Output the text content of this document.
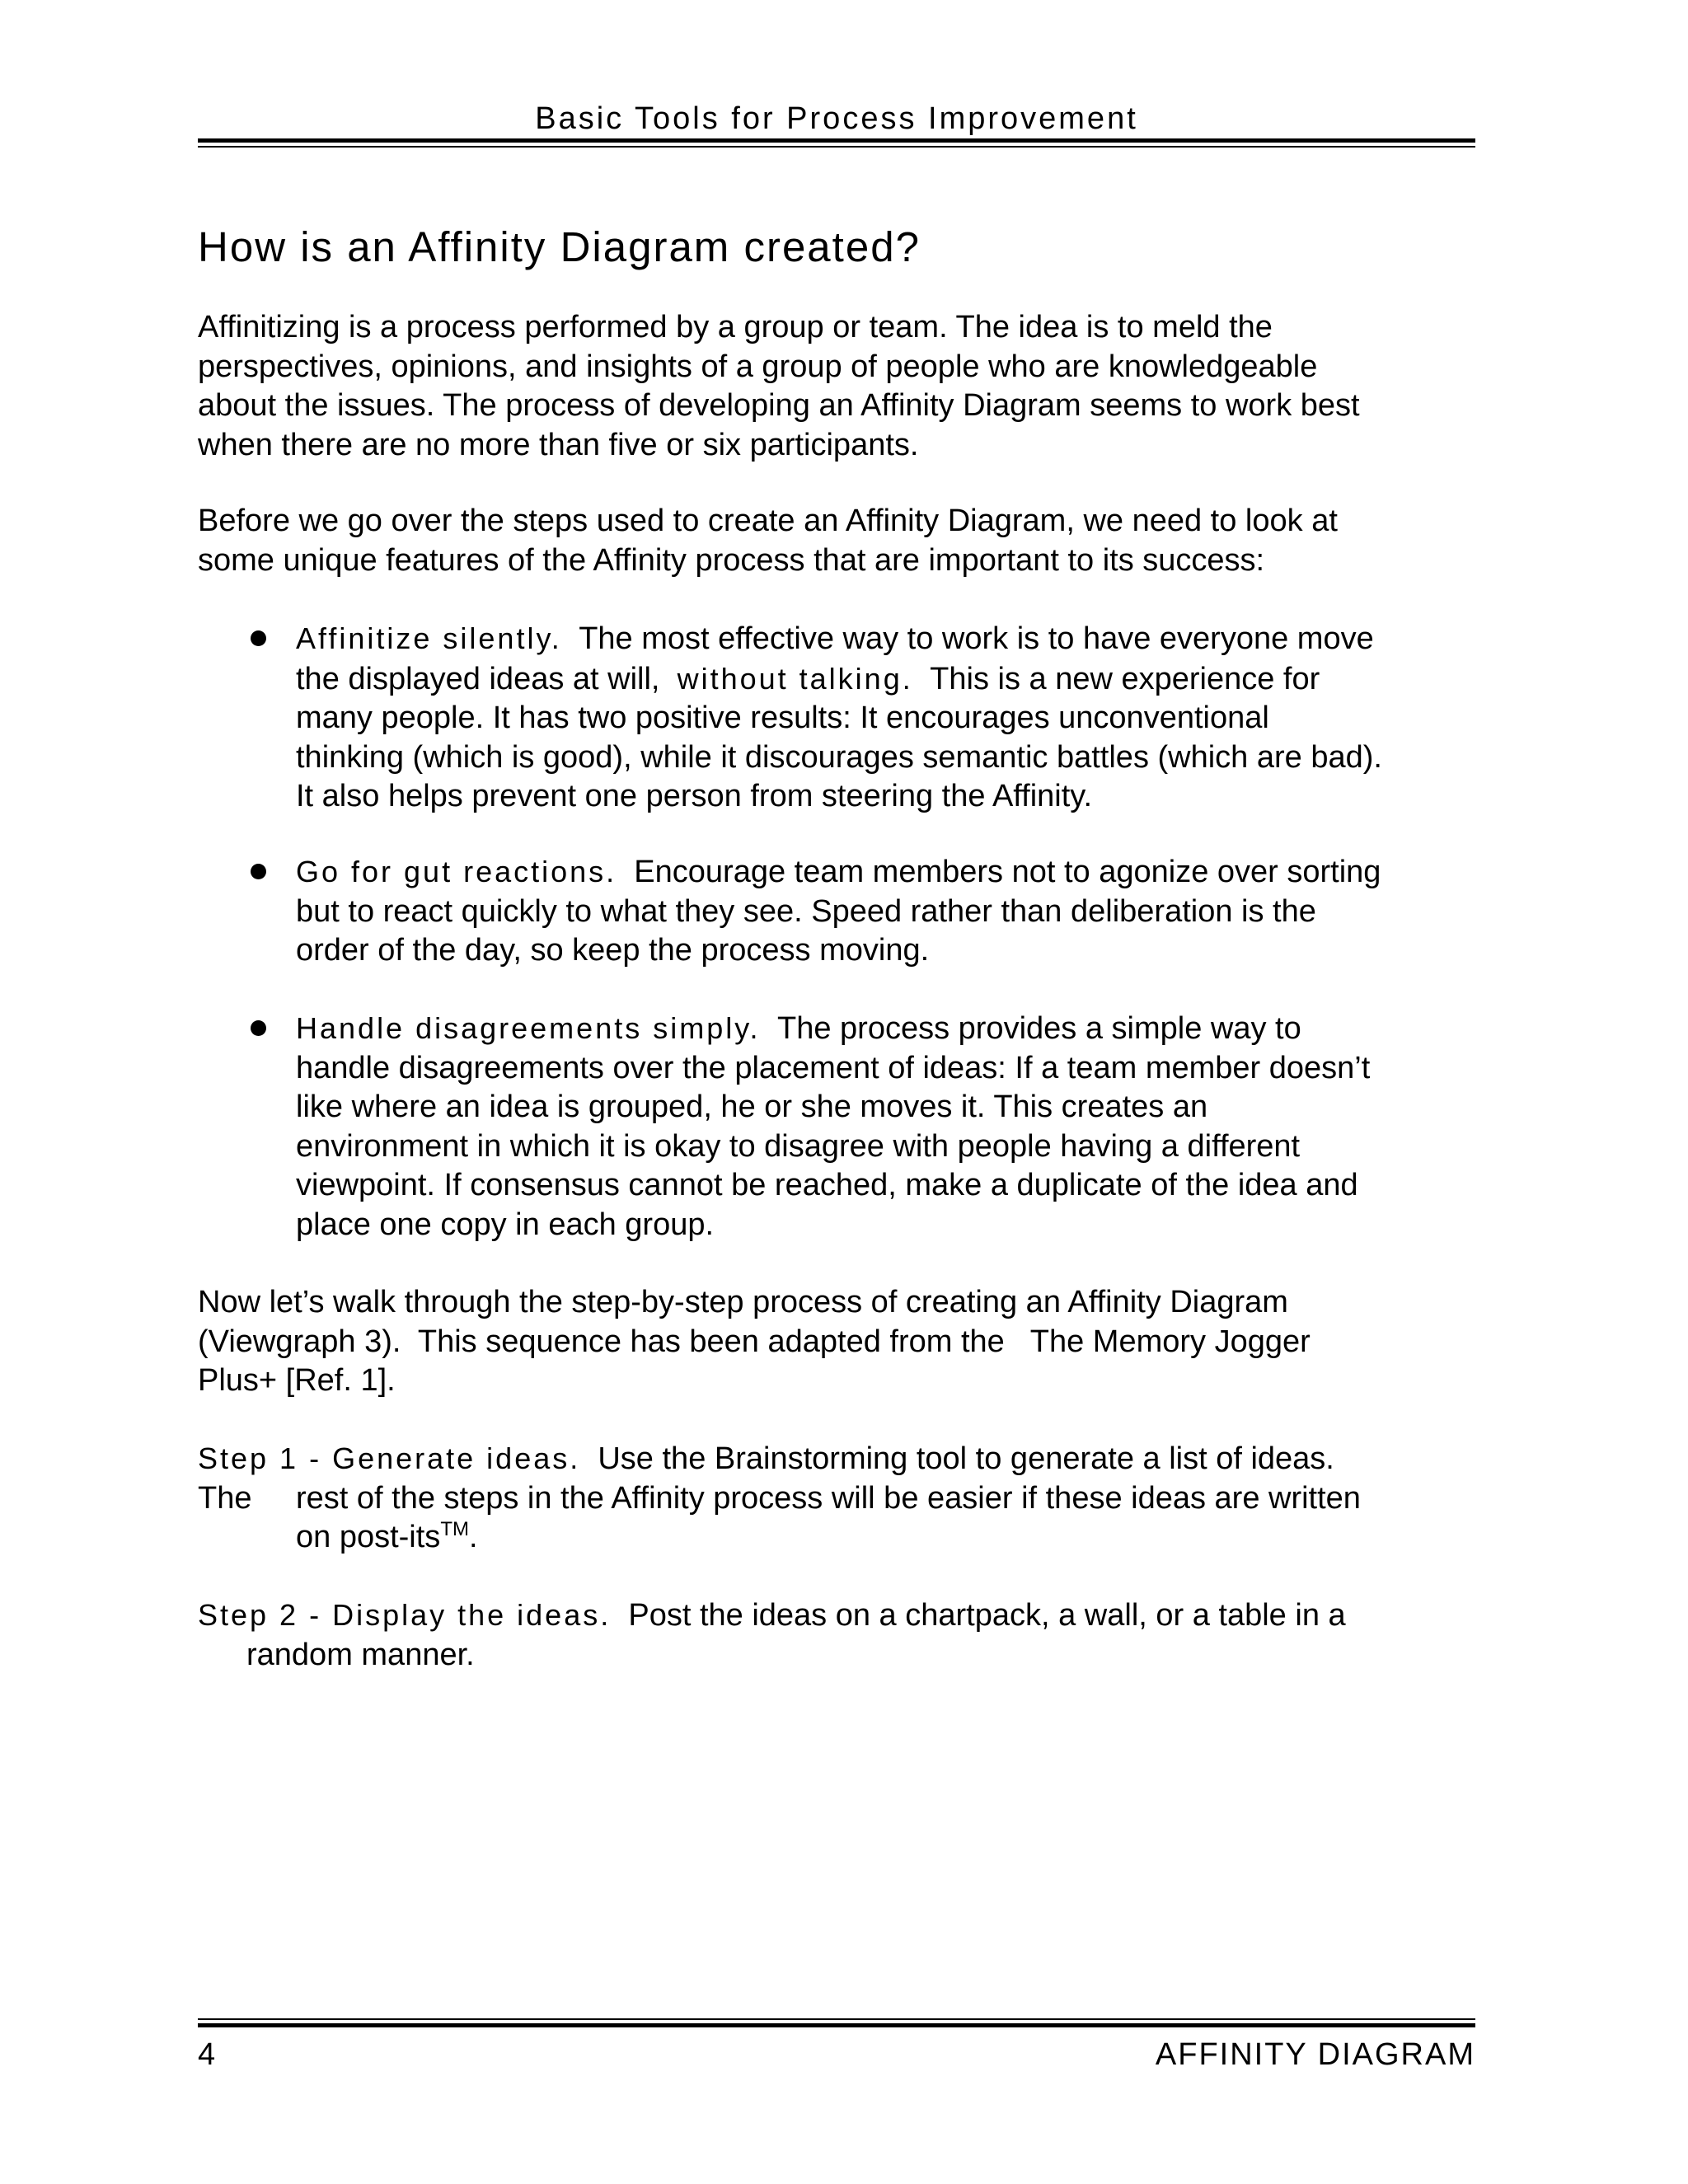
Basic Tools for Process Improvement
How is an Affinity Diagram created?
Affinitizing is a process performed by a group or team. The idea is to meld the
perspectives, opinions, and insights of a group of people who are knowledgeable
about the issues. The process of developing an Affinity Diagram seems to work best
when there are no more than five or six participants.
Before we go over the steps used to create an Affinity Diagram, we need to look at
some unique features of the Affinity process that are important to its success:
Affinitize silently.  The most effective way to work is to have everyone move
the displayed ideas at will,  without talking.  This is a new experience for
many people. It has two positive results: It encourages unconventional
thinking (which is good), while it discourages semantic battles (which are bad).
It also helps prevent one person from steering the Affinity.
Go for gut reactions.  Encourage team members not to agonize over sorting
but to react quickly to what they see. Speed rather than deliberation is the
order of the day, so keep the process moving.
Handle disagreements simply.  The process provides a simple way to
handle disagreements over the placement of ideas: If a team member doesn’t
like where an idea is grouped, he or she moves it. This creates an
environment in which it is okay to disagree with people having a different
viewpoint. If consensus cannot be reached, make a duplicate of the idea and
place one copy in each group.
Now let’s walk through the step-by-step process of creating an Affinity Diagram
(Viewgraph 3).  This sequence has been adapted from the   The Memory Jogger
Plus+ [Ref. 1].
Step 1 - Generate ideas.  Use the Brainstorming tool to generate a list of ideas.
The rest of the steps in the Affinity process will be easier if these ideas are written
on post-its™.
Step 2 - Display the ideas.  Post the ideas on a chartpack, a wall, or a table in a
random manner.
4	AFFINITY DIAGRAM
